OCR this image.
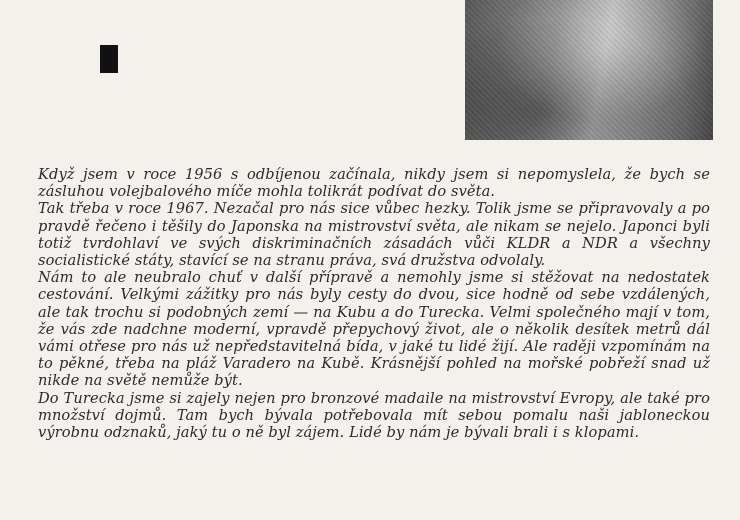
Když jsem v roce 1956 s odbíjenou začínala, nikdy jsem si nepomyslela, že bych se zásluhou volejbalového míče mohla tolikrát podívat do světa.

Tak třeba v roce 1967. Nezačal pro nás sice vůbec hezky. Tolik jsme se připravovaly a po pravdě řečeno i těšily do Japonska na mistrovství světa, ale nikam se nejelo. Japonci byli totiž tvrdohlaví ve svých diskriminačních zásadách vůči KLDR a NDR a všechny socialistické státy, stavící se na stranu práva, svá družstva odvolaly.

Nám to ale neubralo chuť v další přípravě a nemohly jsme si stěžovat na nedostatek cestování. Velkými zážitky pro nás byly cesty do dvou, sice hodně od sebe vzdálených, ale tak trochu si podobných zemí — na Kubu a do Turecka. Velmi společného mají v tom, že vás zde nadchne moderní, vpravdě přepychový život, ale o několik desítek metrů dál vámi otřese pro nás už nepředstavitelná bída, v jaké tu lidé žijí. Ale raději vzpomínám na to pěkné, třeba na pláž Varadero na Kubě. Krásnější pohled na mořské pobřeží snad už nikde na světě nemůže být.

Do Turecka jsme si zajely nejen pro bronzové madaile na mistrovství Evropy, ale také pro množství dojmů. Tam bych bývala potřebovala mít sebou pomalu naši jabloneckou výrobnu odznaků, jaký tu o ně byl zájem. Lidé by nám je bývali brali i s klopami.
